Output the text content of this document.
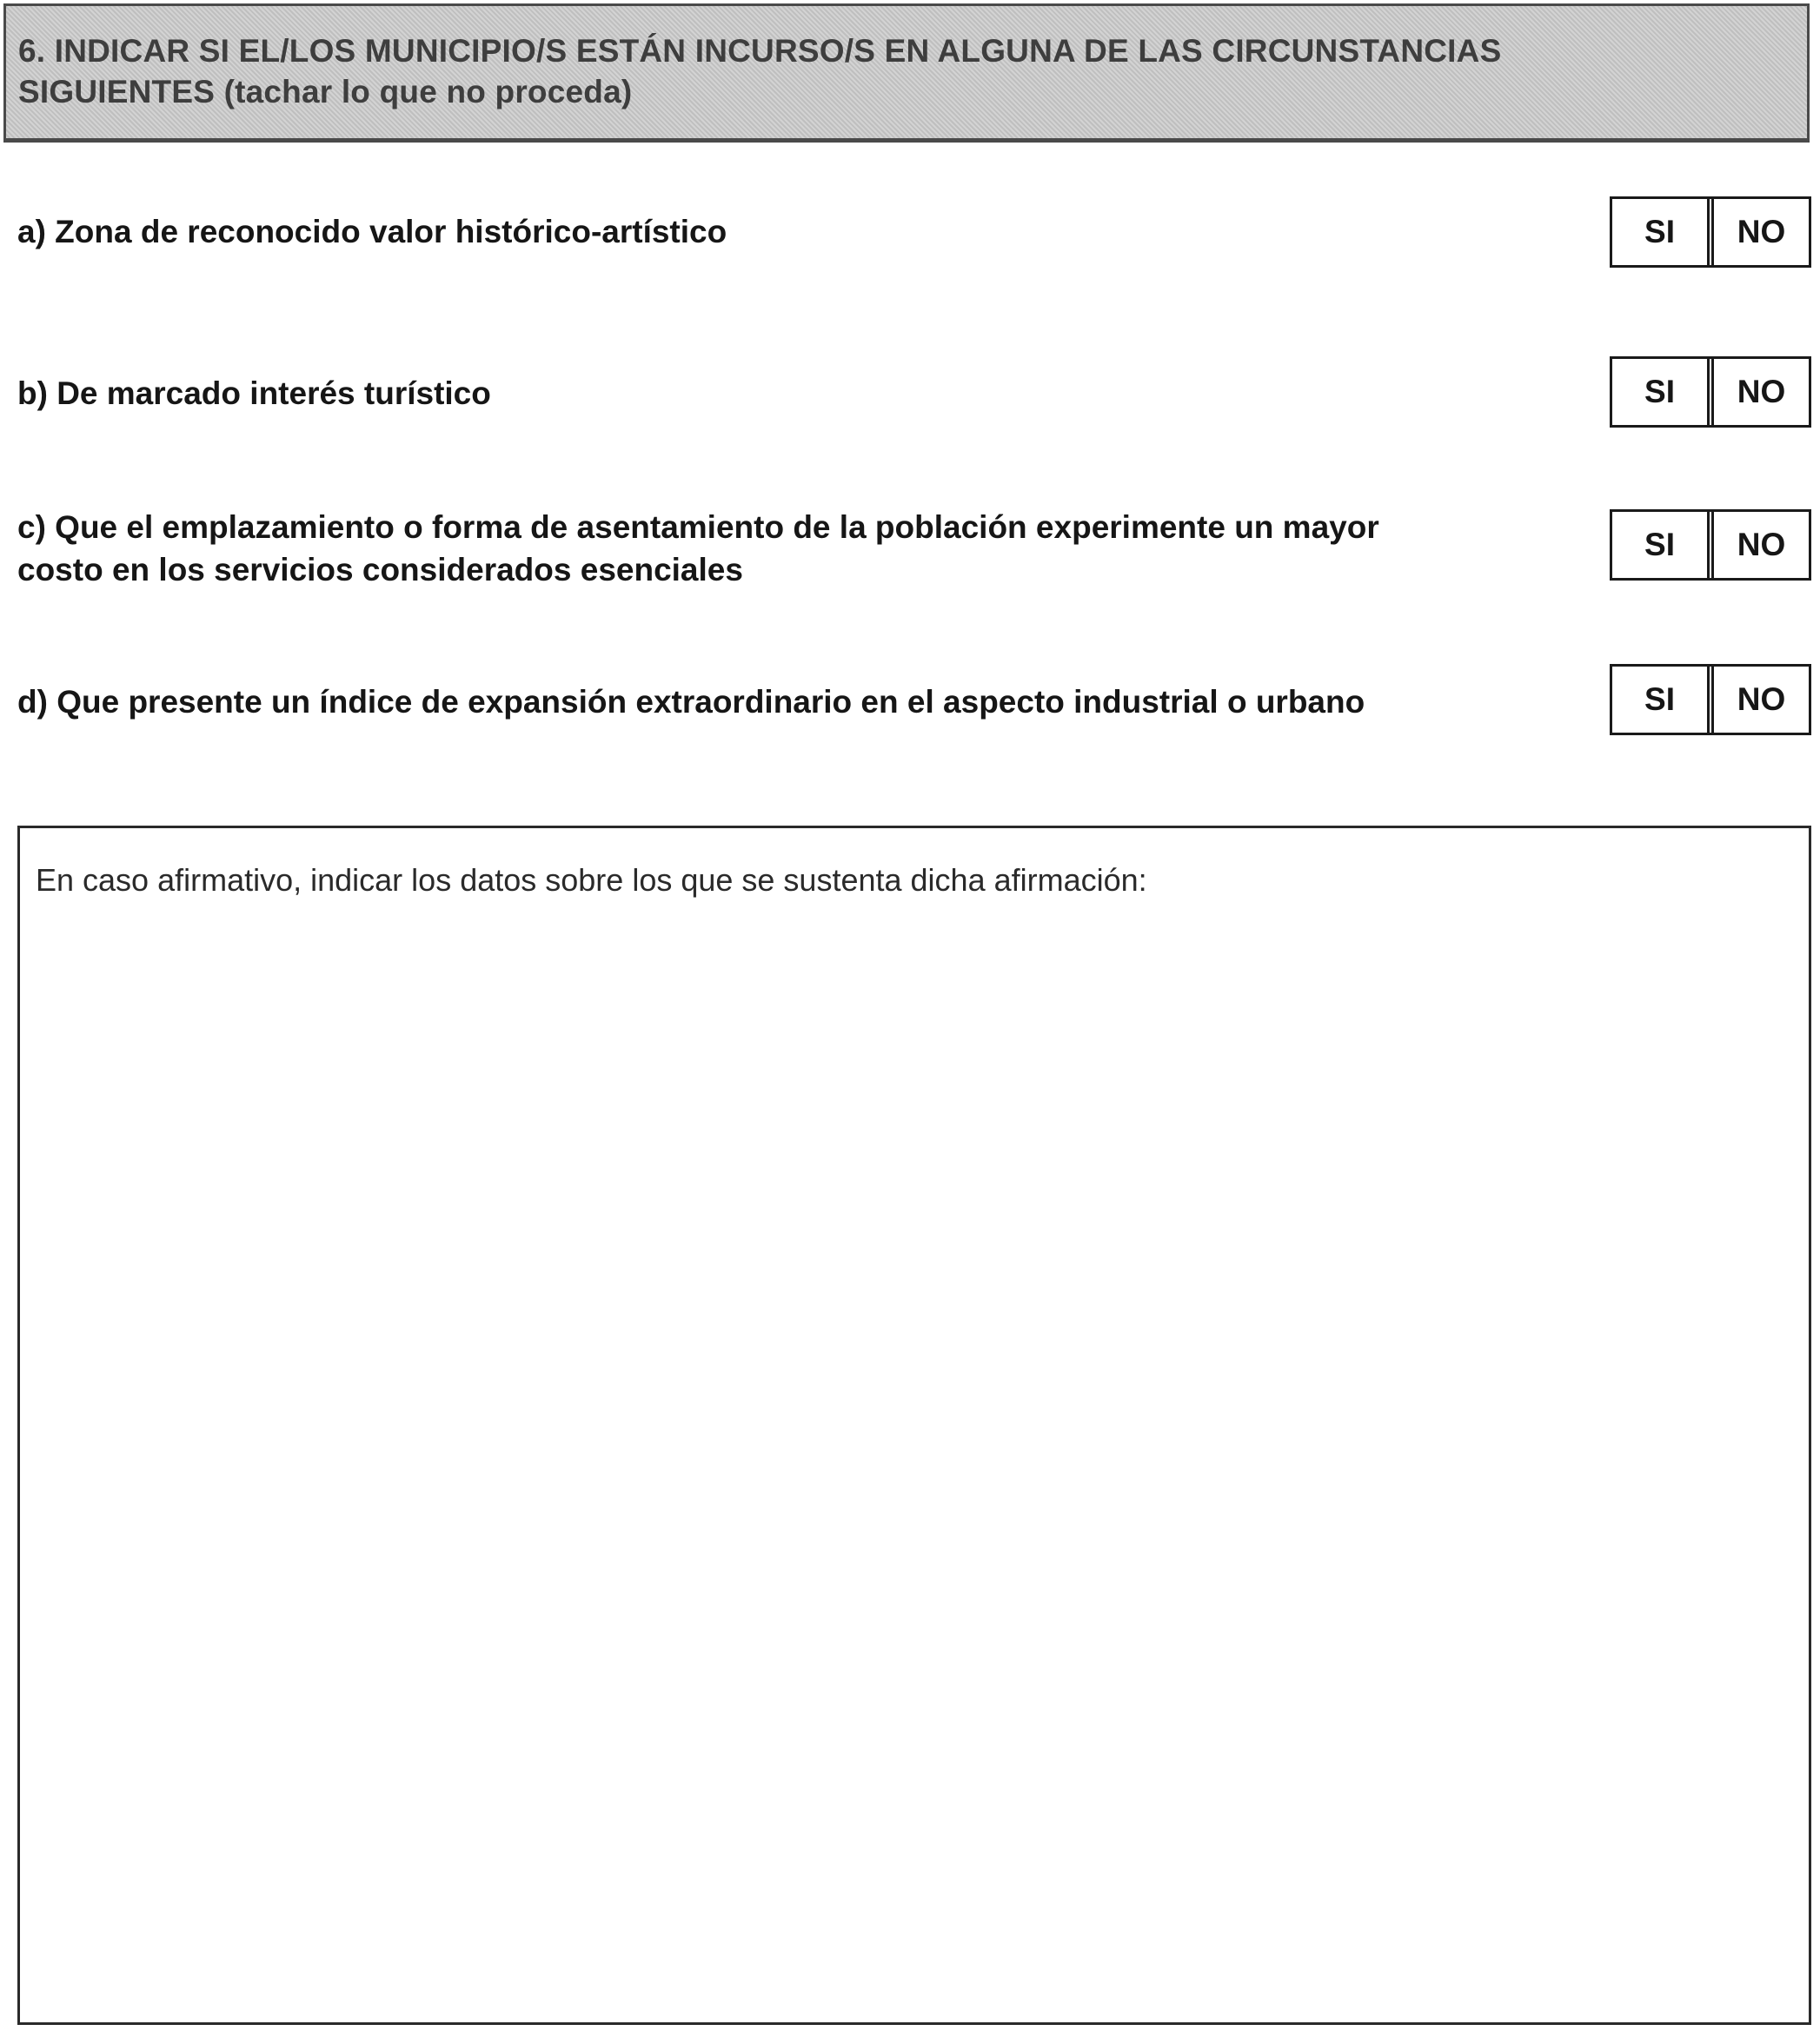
6. INDICAR SI EL/LOS MUNICIPIO/S ESTÁN INCURSO/S EN ALGUNA DE LAS CIRCUNSTANCIAS
SIGUIENTES (tachar lo que no proceda)
a) Zona de reconocido valor histórico-artístico	SI	NO
b) De marcado interés turístico	SI	NO
c) Que el emplazamiento o forma de asentamiento de la población experimente un mayor
costo en los servicios considerados esenciales
SI	NO
d) Que presente un índice de expansión extraordinario en el aspecto industrial o urbano	SI	NO
En caso afirmativo, indicar los datos sobre los que se sustenta dicha afirmación:
